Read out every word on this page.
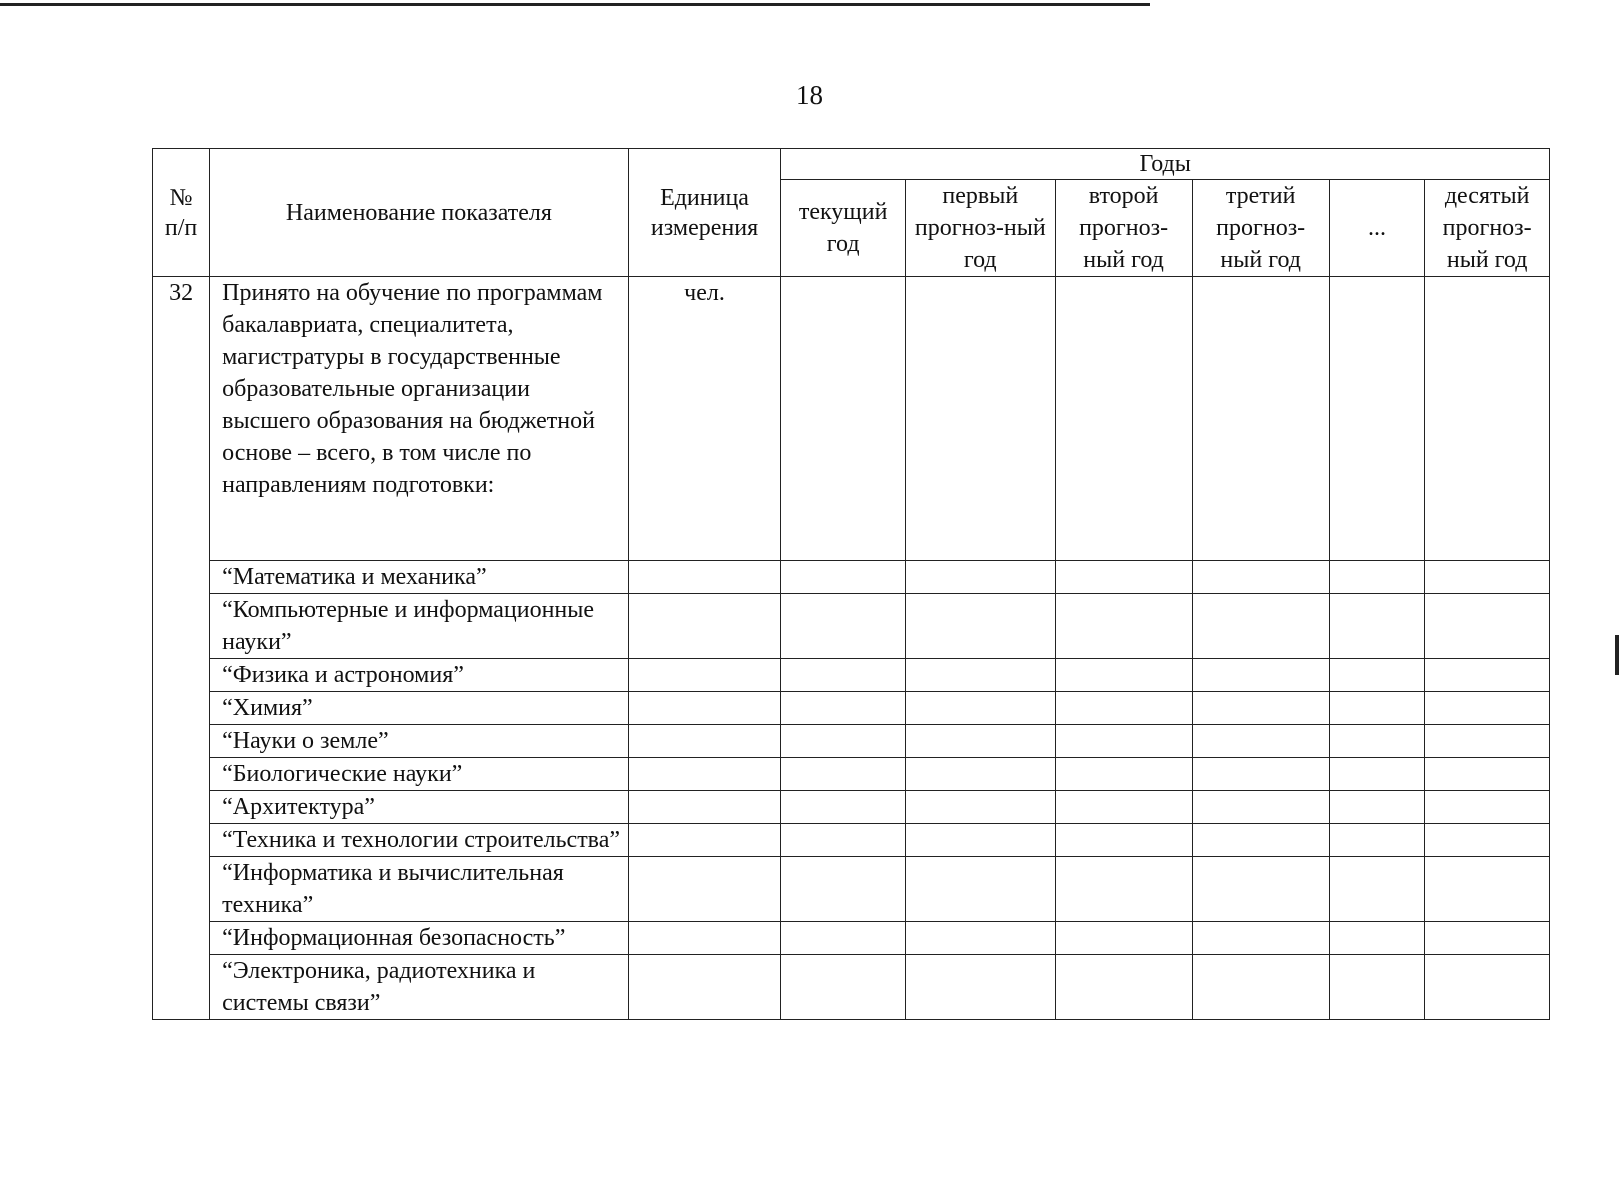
18
№ п/п	Наименование показателя	Единица измерения	Годы					
			текущий год	первый прогноз-ный год	второй прогноз-ный год	третий прогноз-ный год	...	десятый прогноз-ный год
32	Принято на обучение по программам бакалавриата, специалитета, магистратуры в государственные образовательные организации высшего образования на бюджетной основе – всего, в том числе по направлениям подготовки:	чел.						
	“Математика и механика”							
	“Компьютерные и информационные науки”							
	“Физика и астрономия”							
	“Химия”							
	“Науки о земле”							
	“Биологические науки”							
	“Архитектура”							
	“Техника и технологии строительства”							
	“Информатика и вычислительная техника”							
	“Информационная безопасность”							
	“Электроника, радиотехника и системы связи”							
